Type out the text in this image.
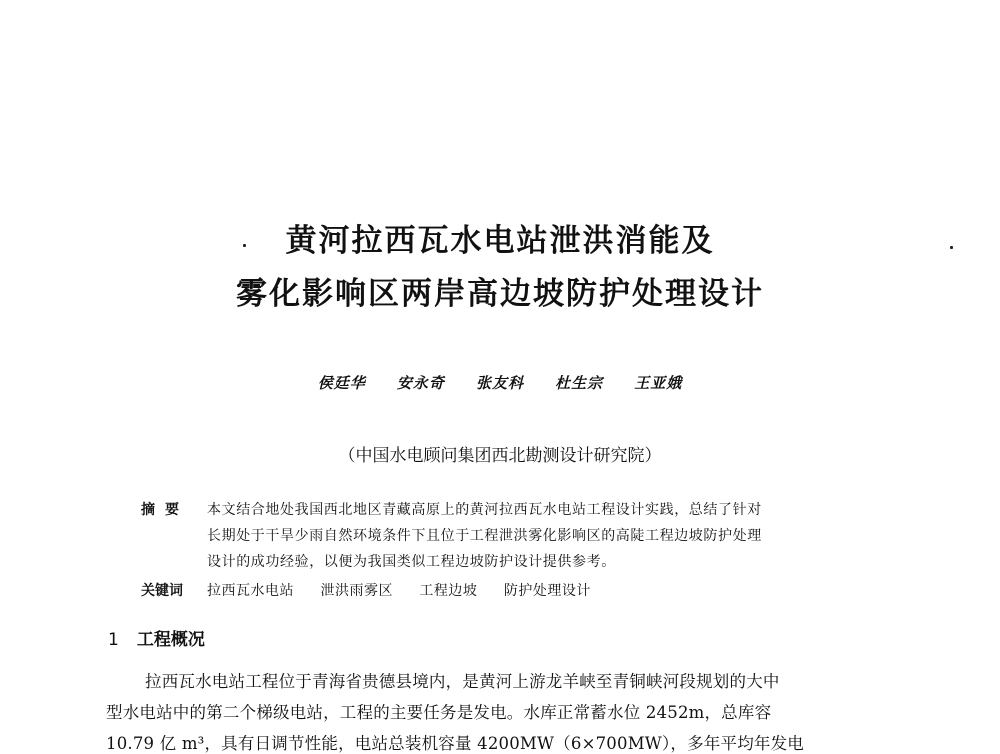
黄河拉西瓦水电站泄洪消能及
雾化影响区两岸高边坡防护处理设计
侯廷华 安永奇 张友科 杜生宗 王亚娥
（中国水电顾问集团西北勘测设计研究院）
摘要 本文结合地处我国西北地区青藏高原上的黄河拉西瓦水电站工程设计实践，总结了针对
长期处于干旱少雨自然环境条件下且位于工程泄洪雾化影响区的高陡工程边坡防护处理
设计的成功经验，以便为我国类似工程边坡防护设计提供参考。
关键词 拉西瓦水电站 泄洪雨雾区 工程边坡 防护处理设计
1 工程概况
拉西瓦水电站工程位于青海省贵德县境内，是黄河上游龙羊峡至青铜峡河段规划的大中
型水电站中的第二个梯级电站，工程的主要任务是发电。水库正常蓄水位 2452m，总库容
10.79 亿 m³，具有日调节性能，电站总装机容量 4200MW（6×700MW），多年平均年发电
